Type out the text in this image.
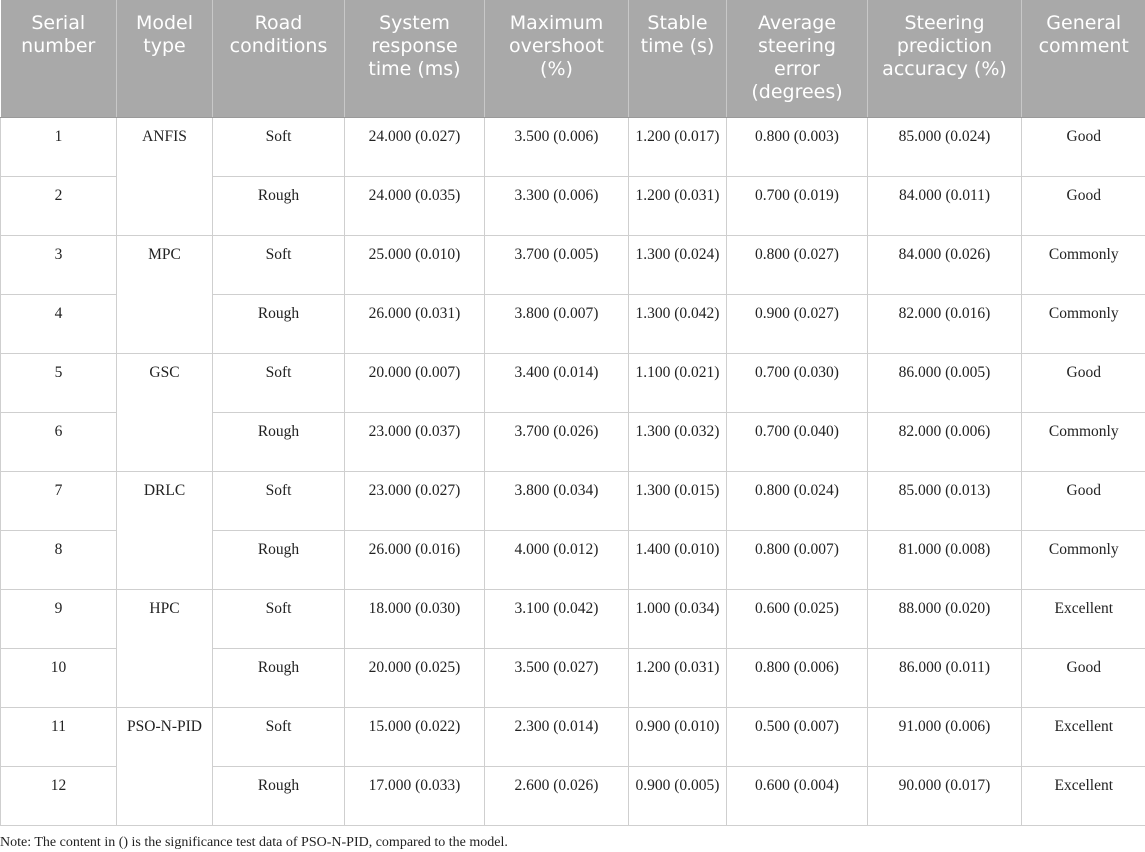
Serial number	Model type	Road conditions	System response time (ms)	Maximum overshoot (%)	Stable time (s)	Average steering error (degrees)	Steering prediction accuracy (%)	General comment
1	ANFIS	Soft	24.000 (0.027)	3.500 (0.006)	1.200 (0.017)	0.800 (0.003)	85.000 (0.024)	Good
2		Rough	24.000 (0.035)	3.300 (0.006)	1.200 (0.031)	0.700 (0.019)	84.000 (0.011)	Good
3	MPC	Soft	25.000 (0.010)	3.700 (0.005)	1.300 (0.024)	0.800 (0.027)	84.000 (0.026)	Commonly
4		Rough	26.000 (0.031)	3.800 (0.007)	1.300 (0.042)	0.900 (0.027)	82.000 (0.016)	Commonly
5	GSC	Soft	20.000 (0.007)	3.400 (0.014)	1.100 (0.021)	0.700 (0.030)	86.000 (0.005)	Good
6		Rough	23.000 (0.037)	3.700 (0.026)	1.300 (0.032)	0.700 (0.040)	82.000 (0.006)	Commonly
7	DRLC	Soft	23.000 (0.027)	3.800 (0.034)	1.300 (0.015)	0.800 (0.024)	85.000 (0.013)	Good
8		Rough	26.000 (0.016)	4.000 (0.012)	1.400 (0.010)	0.800 (0.007)	81.000 (0.008)	Commonly
9	HPC	Soft	18.000 (0.030)	3.100 (0.042)	1.000 (0.034)	0.600 (0.025)	88.000 (0.020)	Excellent
10		Rough	20.000 (0.025)	3.500 (0.027)	1.200 (0.031)	0.800 (0.006)	86.000 (0.011)	Good
11	PSO-N-PID	Soft	15.000 (0.022)	2.300 (0.014)	0.900 (0.010)	0.500 (0.007)	91.000 (0.006)	Excellent
12		Rough	17.000 (0.033)	2.600 (0.026)	0.900 (0.005)	0.600 (0.004)	90.000 (0.017)	Excellent
Note: The content in () is the significance test data of PSO-N-PID, compared to the model.
